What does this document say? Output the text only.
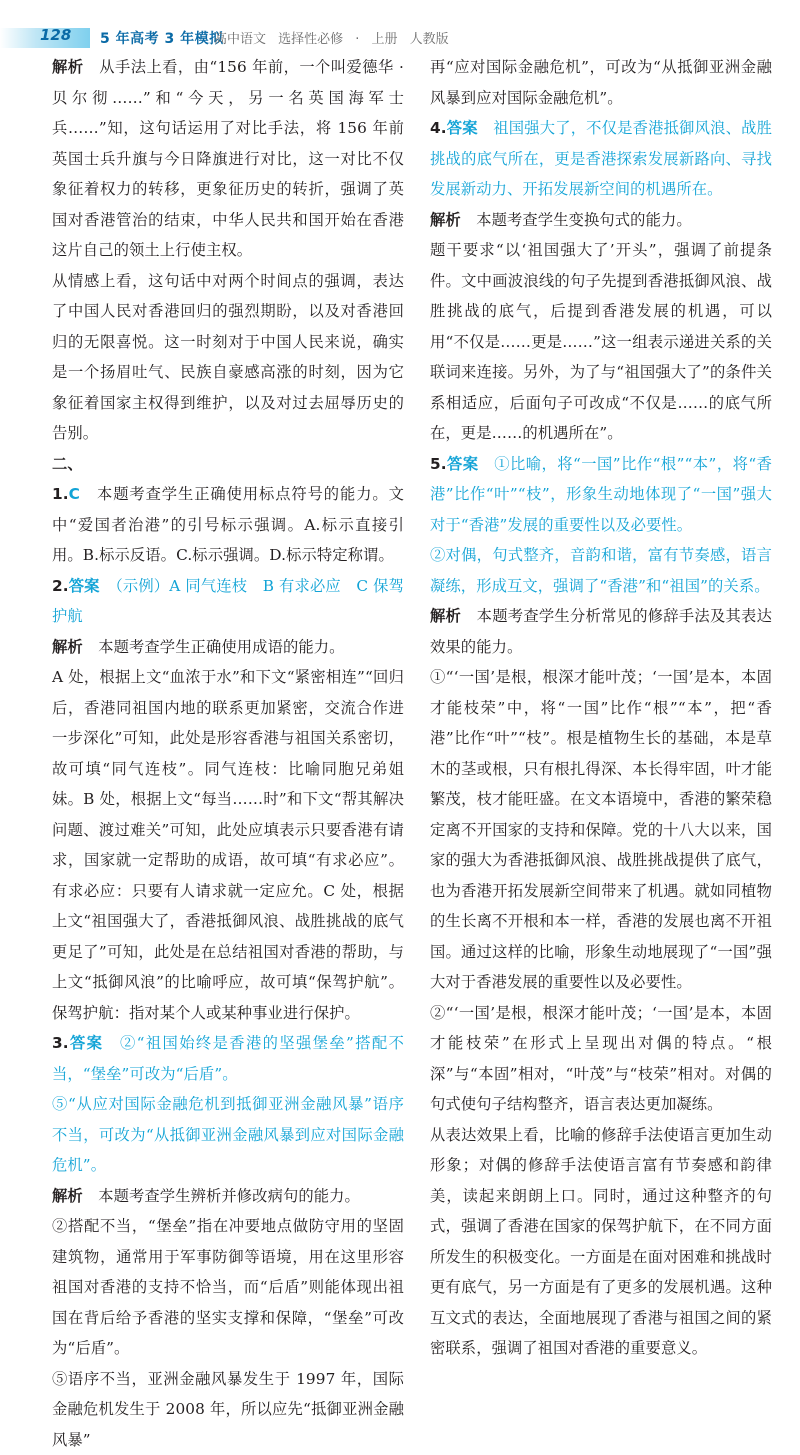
128 5 年高考 3 年模拟
高中语文 选择性必修 · 上册 人教版

解析　 从手法上看，由“156 年前，一个叫爱德华 · 贝尔彻……”和“今天，另一名英国海军士兵……”知，这句话运用了对比手法，将 156 年前英国士兵升旗与今日降旗进行对比，这一对比不仅象征着权力的转移，更象征历史的转折，强调了英国对香港管治的结束，中华人民共和国开始在香港这片自己的领土上行使主权。

从情感上看，这句话中对两个时间点的强调，表达了中国人民对香港回归的强烈期盼，以及对香港回归的无限喜悦。这一时刻对于中国人民来说，确实是一个扬眉吐气、民族自豪感高涨的时刻，因为它象征着国家主权得到维护，以及对过去屈辱历史的告别。

二、

1.C　 本题考查学生正确使用标点符号的能力。文中“爱国者治港”的引号标示强调。A.标示直接引用。B.标示反语。C.标示强调。D.标示特定称谓。

2.答案　 （示例）A 同气连枝　B 有求必应　C 保驾护航

解析　 本题考查学生正确使用成语的能力。

A 处，根据上文“血浓于水”和下文“紧密相连”“回归后，香港同祖国内地的联系更加紧密，交流合作进一步深化”可知，此处是形容香港与祖国关系密切，故可填“同气连枝”。同气连枝：比喻同胞兄弟姐妹。B 处，根据上文“每当……时”和下文“帮其解决问题、渡过难关”可知，此处应填表示只要香港有请求，国家就一定帮助的成语，故可填“有求必应”。有求必应：只要有人请求就一定应允。C 处，根据上文“祖国强大了，香港抵御风浪、战胜挑战的底气更足了”可知，此处是在总结祖国对香港的帮助，与上文“抵御风浪”的比喻呼应，故可填“保驾护航”。保驾护航：指对某个人或某种事业进行保护。

3.答案　 ②“祖国始终是香港的坚强堡垒”搭配不当，“堡垒”可改为“后盾”。

⑤“从应对国际金融危机到抵御亚洲金融风暴”语序不当，可改为“从抵御亚洲金融风暴到应对国际金融危机”。

解析　 本题考查学生辨析并修改病句的能力。

②搭配不当，“堡垒”指在冲要地点做防守用的坚固建筑物，通常用于军事防御等语境，用在这里形容祖国对香港的支持不恰当，而“后盾”则能体现出祖国在背后给予香港的坚实支撑和保障，“堡垒”可改为“后盾”。

⑤语序不当，亚洲金融风暴发生于 1997 年，国际金融危机发生于 2008 年，所以应先“抵御亚洲金融风暴”

再“应对国际金融危机”，可改为“从抵御亚洲金融风暴到应对国际金融危机”。

4.答案　 祖国强大了，不仅是香港抵御风浪、战胜挑战的底气所在，更是香港探索发展新路向、寻找发展新动力、开拓发展新空间的机遇所在。

解析　 本题考查学生变换句式的能力。

题干要求“以‘祖国强大了’开头”，强调了前提条件。文中画波浪线的句子先提到香港抵御风浪、战胜挑战的底气，后提到香港发展的机遇，可以用“不仅是……更是……”这一组表示递进关系的关联词来连接。另外，为了与“祖国强大了”的条件关系相适应，后面句子可改成“不仅是……的底气所在，更是……的机遇所在”。

5.答案　 ①比喻，将“一国”比作“根”“本”，将“香港”比作“叶”“枝”，形象生动地体现了“一国”强大对于“香港”发展的重要性以及必要性。

②对偶，句式整齐，音韵和谐，富有节奏感，语言凝练，形成互文，强调了“香港”和“祖国”的关系。

解析　 本题考查学生分析常见的修辞手法及其表达效果的能力。

①“‘一国’是根，根深才能叶茂；‘一国’是本，本固才能枝荣”中，将“一国”比作“根”“本”，把“香港”比作“叶”“枝”。根是植物生长的基础，本是草木的茎或根，只有根扎得深、本长得牢固，叶才能繁茂，枝才能旺盛。在文本语境中，香港的繁荣稳定离不开国家的支持和保障。党的十八大以来，国家的强大为香港抵御风浪、战胜挑战提供了底气，也为香港开拓发展新空间带来了机遇。就如同植物的生长离不开根和本一样，香港的发展也离不开祖国。通过这样的比喻，形象生动地展现了“一国”强大对于香港发展的重要性以及必要性。

②“‘一国’是根，根深才能叶茂；‘一国’是本，本固才能枝荣”在形式上呈现出对偶的特点。“根深”与“本固”相对，“叶茂”与“枝荣”相对。对偶的句式使句子结构整齐，语言表达更加凝练。

从表达效果上看，比喻的修辞手法使语言更加生动形象；对偶的修辞手法使语言富有节奏感和韵律美，读起来朗朗上口。同时，通过这种整齐的句式，强调了香港在国家的保驾护航下，在不同方面所发生的积极变化。一方面是在面对困难和挑战时更有底气，另一方面是有了更多的发展机遇。这种互文式的表达，全面地展现了香港与祖国之间的紧密联系，强调了祖国对香港的重要意义。
